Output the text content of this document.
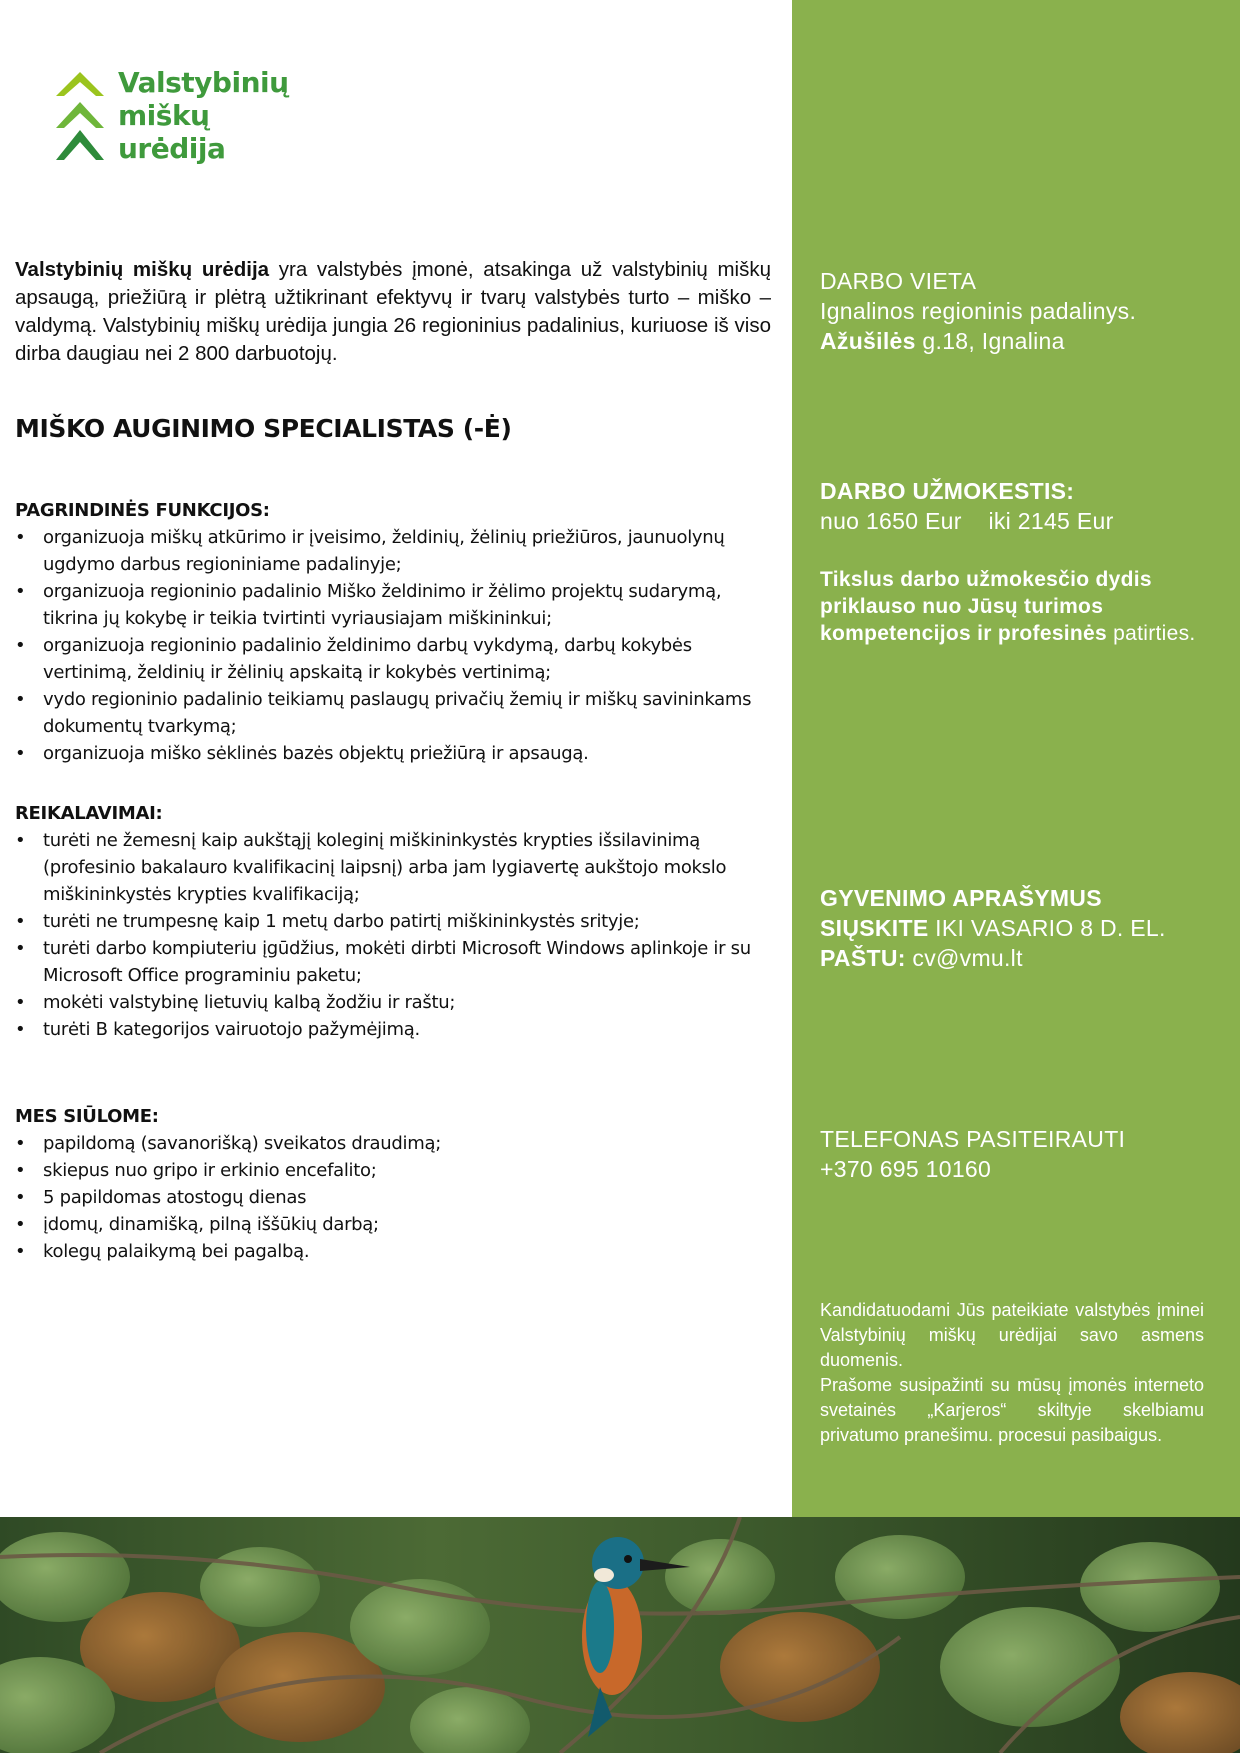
Valstybinių
miškų
urėdija

Valstybinių miškų urėdija yra valstybės įmonė, atsakinga už valstybinių miškų apsaugą, priežiūrą ir plėtrą užtikrinant efektyvų ir tvarų valstybės turto – miško – valdymą. Valstybinių miškų urėdija jungia 26 regioninius padalinius, kuriuose iš viso dirba daugiau nei 2 800 darbuotojų.

MIŠKO AUGINIMO SPECIALISTAS (-Ė)
PAGRINDINĖS FUNKCIJOS:
• organizuoja miškų atkūrimo ir įveisimo, želdinių, žėlinių priežiūros, jaunuolynų ugdymo darbus regioniniame padalinyje;
• organizuoja regioninio padalinio Miško želdinimo ir žėlimo projektų sudarymą, tikrina jų kokybę ir teikia tvirtinti vyriausiajam miškininkui;
• organizuoja regioninio padalinio želdinimo darbų vykdymą, darbų kokybės vertinimą, želdinių ir žėlinių apskaitą ir kokybės vertinimą;
• vydo regioninio padalinio teikiamų paslaugų privačių žemių ir miškų savininkams dokumentų tvarkymą;
• organizuoja miško sėklinės bazės objektų priežiūrą ir apsaugą.
REIKALAVIMAI:
• turėti ne žemesnį kaip aukštąjį koleginį miškininkystės krypties išsilavinimą (profesinio bakalauro kvalifikacinį laipsnį) arba jam lygiavertę aukštojo mokslo miškininkystės krypties kvalifikaciją;
• turėti ne trumpesnę kaip 1 metų darbo patirtį miškininkystės srityje;
• turėti darbo kompiuteriu įgūdžius, mokėti dirbti Microsoft Windows aplinkoje ir su Microsoft Office programiniu paketu;
• mokėti valstybinę lietuvių kalbą žodžiu ir raštu;
• turėti B kategorijos vairuotojo pažymėjimą.
MES SIŪLOME:
• papildomą (savanorišką) sveikatos draudimą;
• skiepus nuo gripo ir erkinio encefalito;
• 5 papildomas atostogų dienas
• įdomų, dinamišką, pilną iššūkių darbą;
• kolegų palaikymą bei pagalbą.
DARBO VIETA
Ignalinos regioninis padalinys.
Ažušilės g.18, Ignalina
DARBO UŽMOKESTIS:
nuo 1650 Eur    iki 2145 Eur
Tikslus darbo užmokesčio dydis priklauso nuo Jūsų turimos kompetencijos ir profesinės patirties.
GYVENIMO APRAŠYMUS
SIŲSKITE IKI VASARIO 8 D. EL.
PAŠTU: cv@vmu.lt
TELEFONAS PASITEIRAUTI
+370 695 10160
Kandidatuodami Jūs pateikiate valstybės įminei Valstybinių miškų urėdijai savo asmens duomenis.
Prašome susipažinti su mūsų įmonės interneto svetainės „Karjeros“ skiltyje skelbiamu privatumo pranešimu. procesui pasibaigus.
